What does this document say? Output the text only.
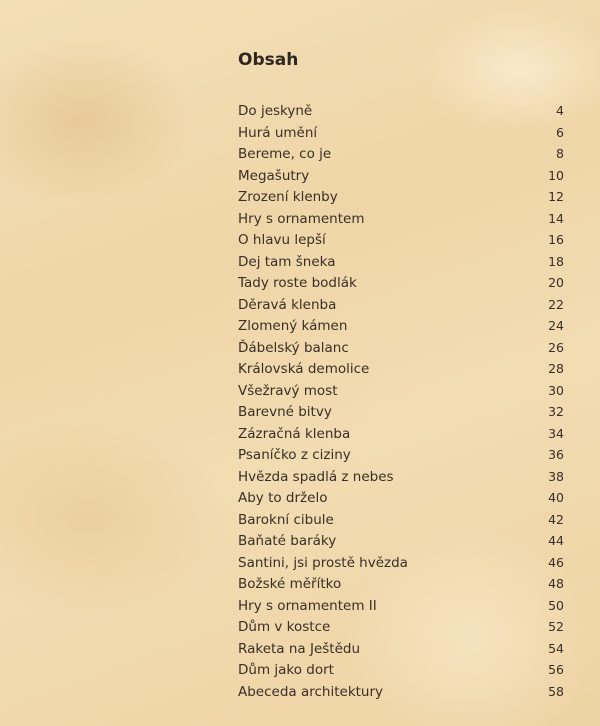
Obsah
Do jeskyně	4
Hurá umění	6
Bereme, co je	8
Megašutry	10
Zrození klenby	12
Hry s ornamentem	14
O hlavu lepší	16
Dej tam šneka	18
Tady roste bodlák	20
Děravá klenba	22
Zlomený kámen	24
Ďábelský balanc	26
Královská demolice	28
Všežravý most	30
Barevné bitvy	32
Zázračná klenba	34
Psaníčko z ciziny	36
Hvězda spadlá z nebes	38
Aby to drželo	40
Barokní cibule	42
Baňaté baráky	44
Santini, jsi prostě hvězda	46
Božské měřítko	48
Hry s ornamentem II	50
Dům v kostce	52
Raketa na Ještědu	54
Dům jako dort	56
Abeceda architektury	58
